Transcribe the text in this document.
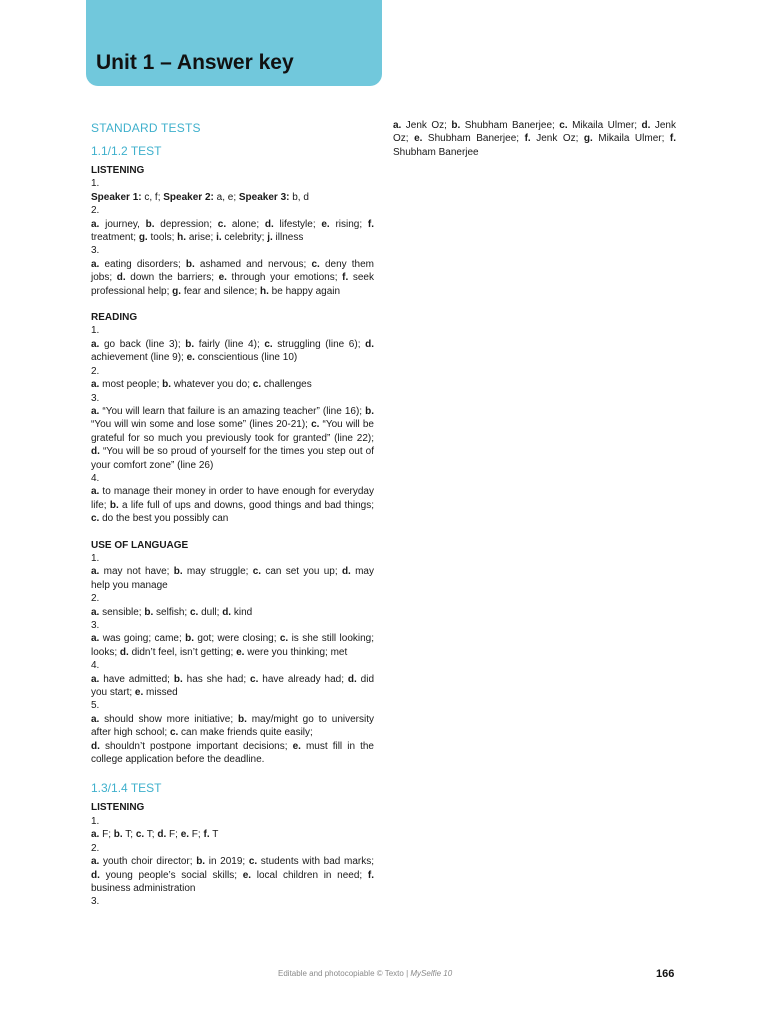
Unit 1 – Answer key
STANDARD TESTS
1.1/1.2 TEST
LISTENING
1.

Speaker 1: c, f; Speaker 2: a, e; Speaker 3: b, d

2.

a. journey, b. depression; c. alone; d. lifestyle; e. rising; f. treatment; g. tools; h. arise; i. celebrity; j. illness

3.

a. eating disorders; b. ashamed and nervous; c. deny them jobs; d. down the barriers; e. through your emotions; f. seek professional help; g. fear and silence; h. be happy again

READING
1.

a. go back (line 3); b. fairly (line 4); c. struggling (line 6); d. achievement (line 9); e. conscientious (line 10)

2.

a. most people; b. whatever you do; c. challenges

3.

a. “You will learn that failure is an amazing teacher” (line 16); b. “You will win some and lose some” (lines 20-21); c. “You will be grateful for so much you previously took for granted” (line 22); d. “You will be so proud of yourself for the times you step out of your comfort zone” (line 26)

4.

a. to manage their money in order to have enough for everyday life; b. a life full of ups and downs, good things and bad things; c. do the best you possibly can

USE OF LANGUAGE
1.

a. may not have; b. may struggle; c. can set you up; d. may help you manage

2.

a. sensible; b. selfish; c. dull; d. kind

3.

a. was going; came; b. got; were closing; c. is she still looking; looks; d. didn’t feel, isn’t getting; e. were you thinking; met

4.

a. have admitted; b. has she had; c. have already had; d. did you start; e. missed

5.

a. should show more initiative; b. may/might go to university after high school; c. can make friends quite easily;
d. shouldn’t postpone important decisions; e. must fill in the college application before the deadline.

1.3/1.4 TEST
LISTENING
1.

a. F; b. T; c. T; d. F; e. F; f. T

2.

a. youth choir director; b. in 2019; c. students with bad marks; d. young people’s social skills; e. local children in need; f. business administration

3.

a. Jenk Oz; b. Shubham Banerjee; c. Mikaila Ulmer; d. Jenk Oz; e. Shubham Banerjee; f. Jenk Oz; g. Mikaila Ulmer; f. Shubham Banerjee

Editable and photocopiable © Texto | MySelfie 10	166
